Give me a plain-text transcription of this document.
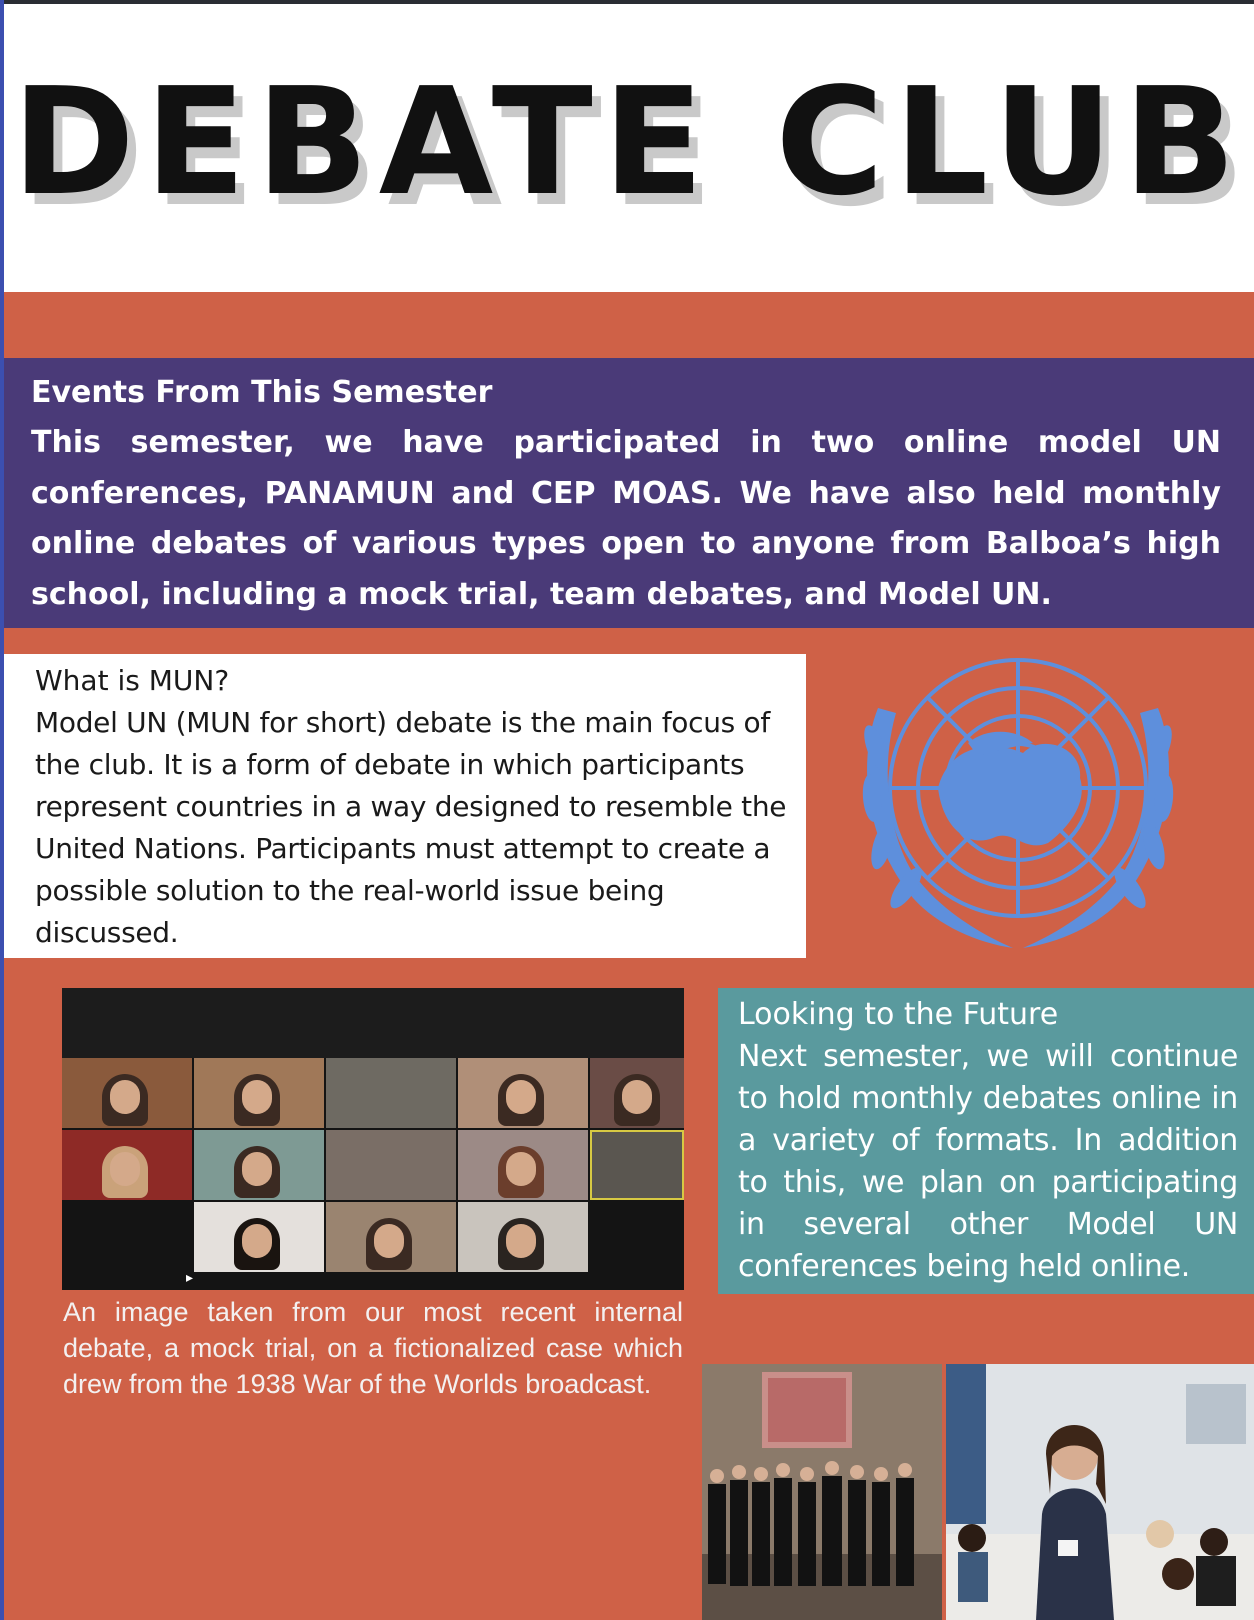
DEBATE CLUB
Events From This Semester
This semester, we have participated in two online model UN conferences, PANAMUN and CEP MOAS. We have also held monthly online debates of various types open to anyone from Balboa’s high school, including a mock trial, team debates, and Model UN.
What is MUN?
Model UN (MUN for short) debate is the main focus of the club. It is a form of debate in which participants represent countries in a way designed to resemble the United Nations. Participants must attempt to create a possible solution to the real-world issue being discussed.
▸
An image taken from our most recent internal debate, a mock trial, on a fictionalized case which drew from the 1938 War of the Worlds broadcast.
Looking to the Future
Next semester, we will continue to hold monthly debates online in a variety of formats. In addition to this, we plan on participating in several other Model UN conferences being held online.
